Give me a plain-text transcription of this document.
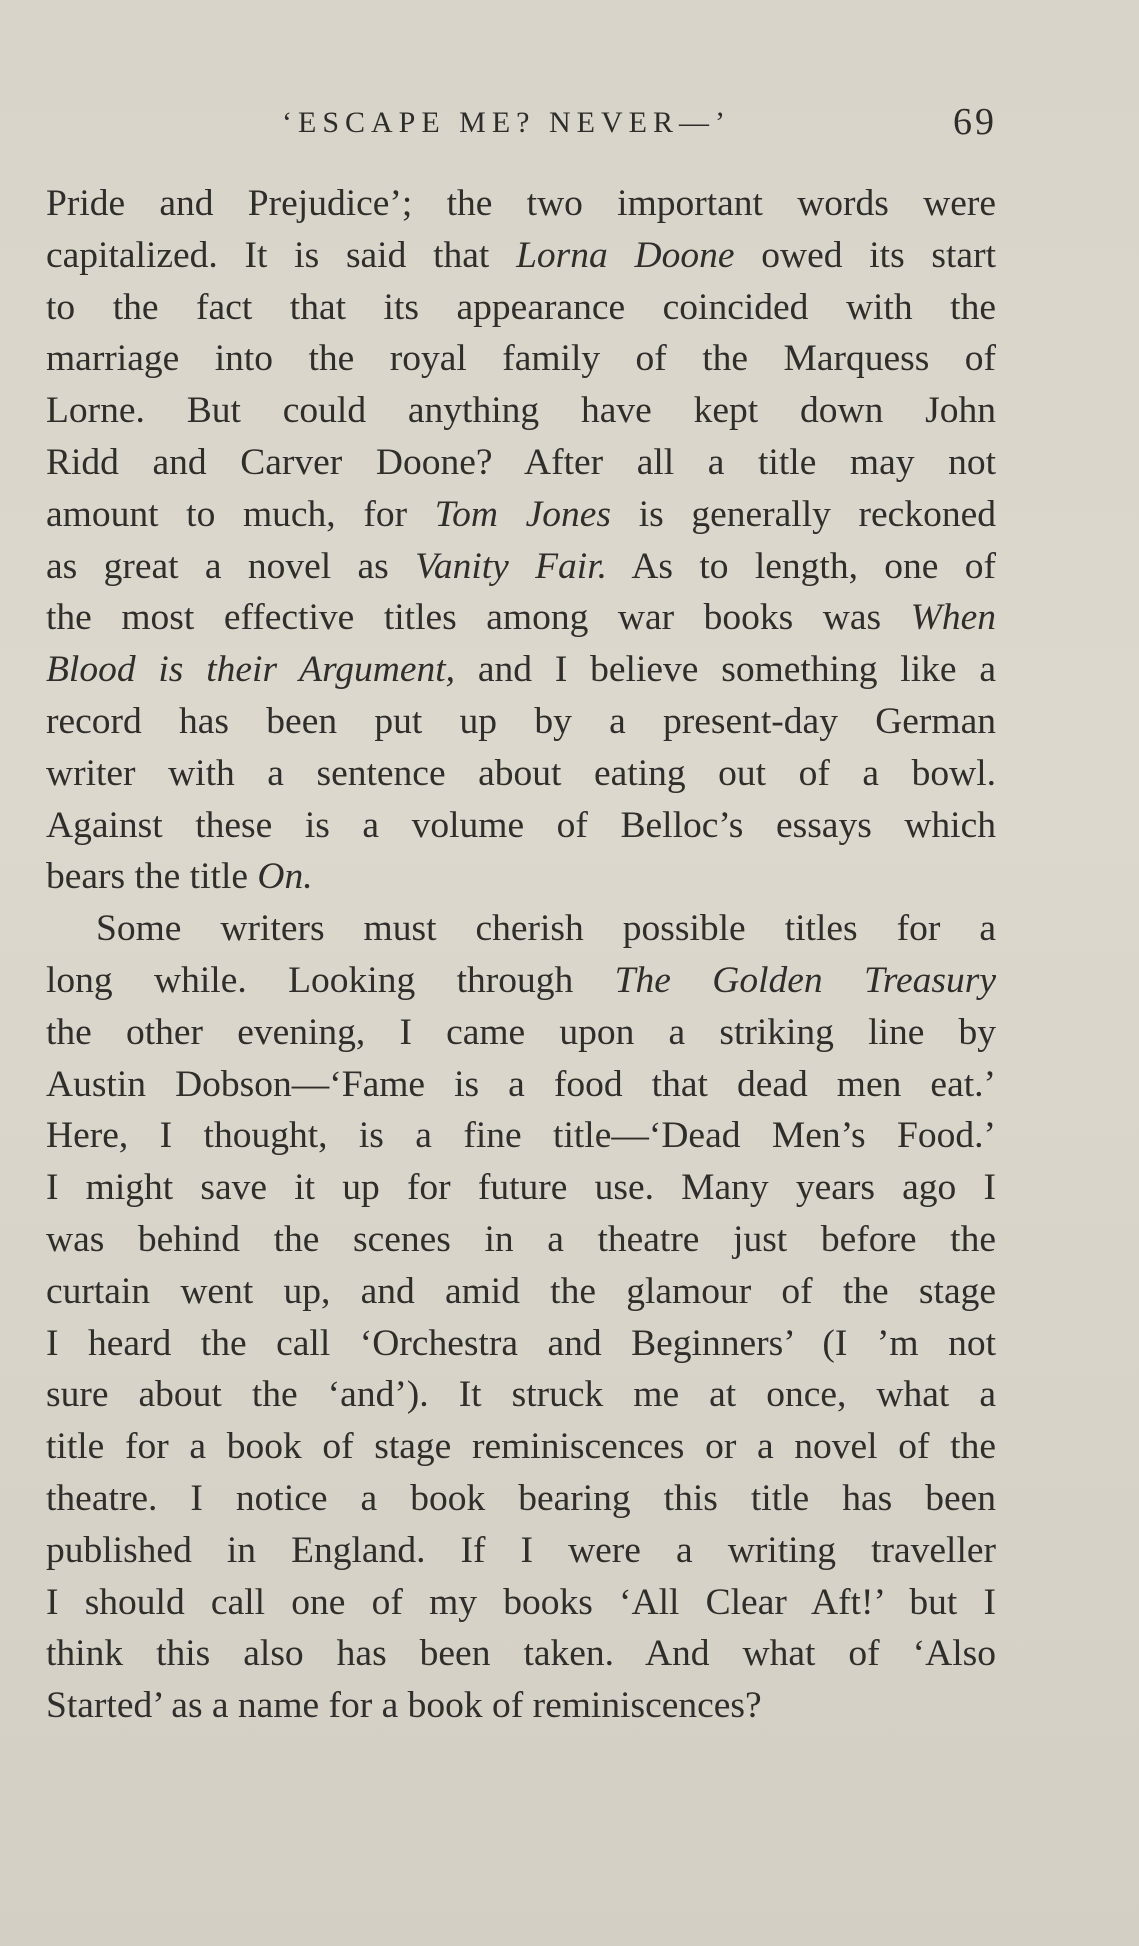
‘ESCAPE ME? NEVER—’	69
Pride and Prejudice’; the two important words were
capitalized. It is said that Lorna Doone owed its start
to the fact that its appearance coincided with the
marriage into the royal family of the Marquess of
Lorne. But could anything have kept down John
Ridd and Carver Doone? After all a title may not
amount to much, for Tom Jones is generally reckoned
as great a novel as Vanity Fair. As to length, one of
the most effective titles among war books was When
Blood is their Argument, and I believe something like a
record has been put up by a present-day German
writer with a sentence about eating out of a bowl.
Against these is a volume of Belloc’s essays which
bears the title On.
Some writers must cherish possible titles for a
long while. Looking through The Golden Treasury
the other evening, I came upon a striking line by
Austin Dobson—‘Fame is a food that dead men eat.’
Here, I thought, is a fine title—‘Dead Men’s Food.’
I might save it up for future use. Many years ago I
was behind the scenes in a theatre just before the
curtain went up, and amid the glamour of the stage
I heard the call ‘Orchestra and Beginners’ (I ’m not
sure about the ‘and’). It struck me at once, what a
title for a book of stage reminiscences or a novel of the
theatre. I notice a book bearing this title has been
published in England. If I were a writing traveller
I should call one of my books ‘All Clear Aft!’ but I
think this also has been taken. And what of ‘Also
Started’ as a name for a book of reminiscences?
